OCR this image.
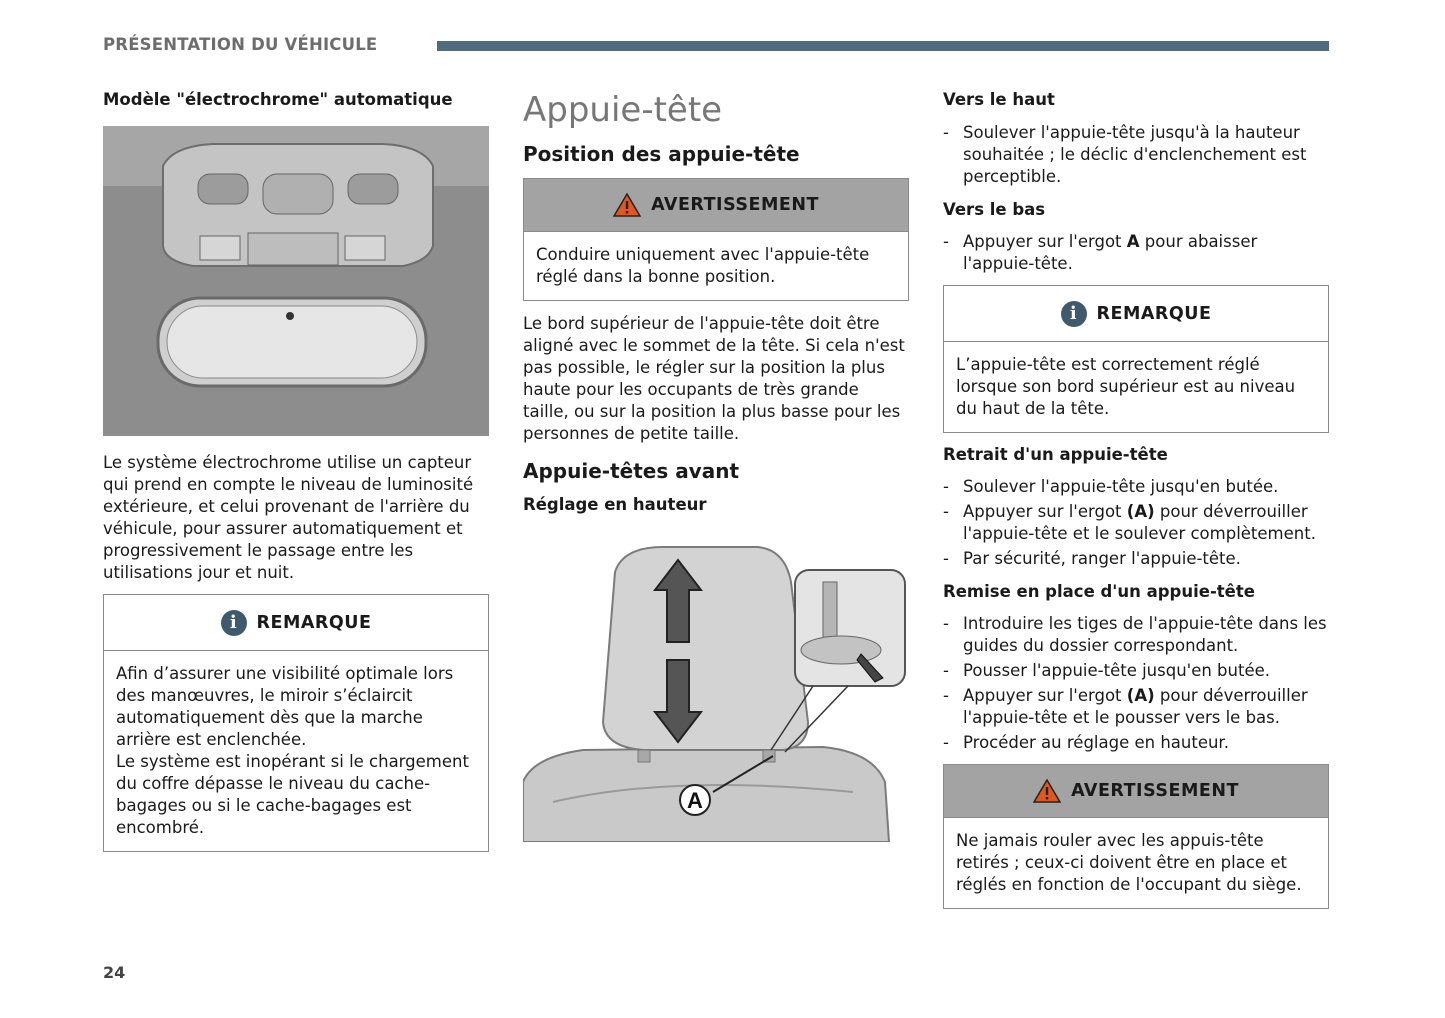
PRÉSENTATION DU VÉHICULE

Modèle "électrochrome" automatique

Le système électrochrome utilise un capteur qui prend en compte le niveau de luminosité extérieure, et celui provenant de l'arrière du véhicule, pour assurer automatiquement et progressivement le passage entre les utilisations jour et nuit.

i	REMARQUE
Afin d’assurer une visibilité optimale lors des manœuvres, le miroir s’éclaircit automatiquement dès que la marche arrière est enclenchée.
Le système est inopérant si le chargement du coffre dépasse le niveau du cache-bagages ou si le cache-bagages est encombré.
Appuie-tête
Position des appuie-tête
AVERTISSEMENT
Conduire uniquement avec l'appuie-tête réglé dans la bonne position.

Le bord supérieur de l'appuie-tête doit être aligné avec le sommet de la tête. Si cela n'est pas possible, le régler sur la position la plus haute pour les occupants de très grande taille, ou sur la position la plus basse pour les personnes de petite taille.

Appuie-têtes avant

Réglage en hauteur

A

Vers le haut

- Soulever l'appuie-tête jusqu'à la hauteur souhaitée ; le déclic d'enclenchement est perceptible.

Vers le bas

- Appuyer sur l'ergot A pour abaisser l'appuie-tête.
i	REMARQUE
L’appuie-tête est correctement réglé lorsque son bord supérieur est au niveau du haut de la tête.

Retrait d'un appuie-tête

- Soulever l'appuie-tête jusqu'en butée.
- Appuyer sur l'ergot (A) pour déverrouiller l'appuie-tête et le soulever complètement.
- Par sécurité, ranger l'appuie-tête.

Remise en place d'un appuie-tête

- Introduire les tiges de l'appuie-tête dans les guides du dossier correspondant.
- Pousser l'appuie-tête jusqu'en butée.
- Appuyer sur l'ergot (A) pour déverrouiller l'appuie-tête et le pousser vers le bas.
- Procéder au réglage en hauteur.
AVERTISSEMENT
Ne jamais rouler avec les appuis-tête retirés ; ceux-ci doivent être en place et réglés en fonction de l'occupant du siège.
24
